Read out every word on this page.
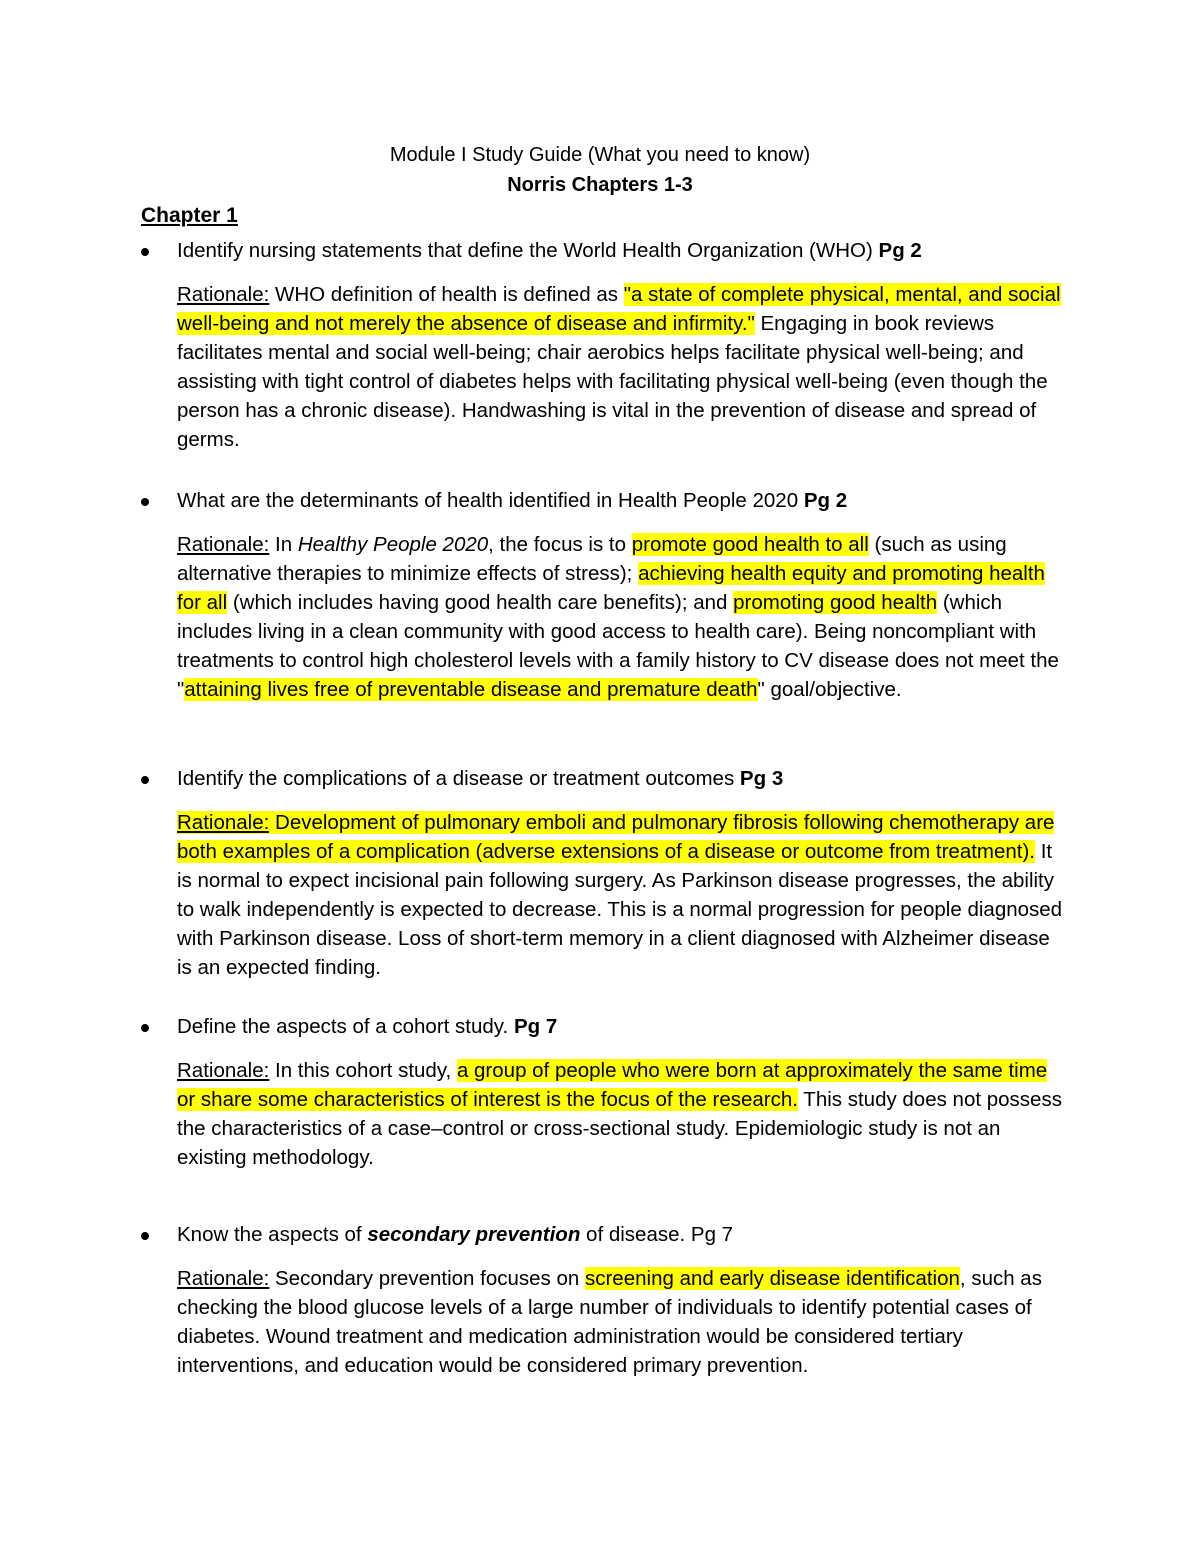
Module I Study Guide (What you need to know)
Norris Chapters 1-3
Chapter 1
Identify nursing statements that define the World Health Organization (WHO) Pg 2
Rationale: WHO definition of health is defined as "a state of complete physical, mental, and social well-being and not merely the absence of disease and infirmity." Engaging in book reviews facilitates mental and social well-being; chair aerobics helps facilitate physical well-being; and assisting with tight control of diabetes helps with facilitating physical well-being (even though the person has a chronic disease). Handwashing is vital in the prevention of disease and spread of germs.
What are the determinants of health identified in Health People 2020 Pg 2
Rationale: In Healthy People 2020, the focus is to promote good health to all (such as using alternative therapies to minimize effects of stress); achieving health equity and promoting health for all (which includes having good health care benefits); and promoting good health (which includes living in a clean community with good access to health care). Being noncompliant with treatments to control high cholesterol levels with a family history to CV disease does not meet the "attaining lives free of preventable disease and premature death" goal/objective.
Identify the complications of a disease or treatment outcomes Pg 3
Rationale: Development of pulmonary emboli and pulmonary fibrosis following chemotherapy are both examples of a complication (adverse extensions of a disease or outcome from treatment). It is normal to expect incisional pain following surgery. As Parkinson disease progresses, the ability to walk independently is expected to decrease. This is a normal progression for people diagnosed with Parkinson disease. Loss of short-term memory in a client diagnosed with Alzheimer disease is an expected finding.
Define the aspects of a cohort study. Pg 7
Rationale: In this cohort study, a group of people who were born at approximately the same time or share some characteristics of interest is the focus of the research. This study does not possess the characteristics of a case–control or cross-sectional study. Epidemiologic study is not an existing methodology.
Know the aspects of secondary prevention of disease. Pg 7
Rationale: Secondary prevention focuses on screening and early disease identification, such as checking the blood glucose levels of a large number of individuals to identify potential cases of diabetes. Wound treatment and medication administration would be considered tertiary interventions, and education would be considered primary prevention.
